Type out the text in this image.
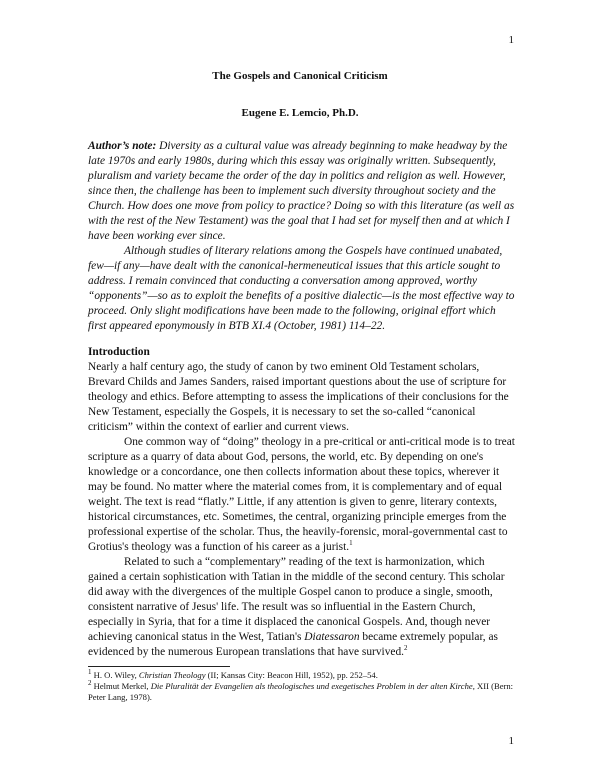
1
The Gospels and Canonical Criticism
Eugene E. Lemcio, Ph.D.

Author’s note: Diversity as a cultural value was already beginning to make headway by the late 1970s and early 1980s, during which this essay was originally written. Subsequently, pluralism and variety became the order of the day in politics and religion as well. However, since then, the challenge has been to implement such diversity throughout society and the Church. How does one move from policy to practice? Doing so with this literature (as well as with the rest of the New Testament) was the goal that I had set for myself then and at which I have been working ever since.

Although studies of literary relations among the Gospels have continued unabated, few—if any—have dealt with the canonical-hermeneutical issues that this article sought to address. I remain convinced that conducting a conversation among approved, worthy “opponents”—so as to exploit the benefits of a positive dialectic—is the most effective way to proceed. Only slight modifications have been made to the following, original effort which first appeared eponymously in BTB XI.4 (October, 1981) 114–22.

Introduction

Nearly a half century ago, the study of canon by two eminent Old Testament scholars, Brevard Childs and James Sanders, raised important questions about the use of scripture for theology and ethics. Before attempting to assess the implications of their conclusions for the New Testament, especially the Gospels, it is necessary to set the so-called “canonical criticism” within the context of earlier and current views.

One common way of “doing” theology in a pre-critical or anti-critical mode is to treat scripture as a quarry of data about God, persons, the world, etc. By depending on one's knowledge or a concordance, one then collects information about these topics, wherever it may be found. No matter where the material comes from, it is complementary and of equal weight. The text is read “flatly.” Little, if any attention is given to genre, literary contexts, historical circumstances, etc. Sometimes, the central, organizing principle emerges from the professional expertise of the scholar. Thus, the heavily-forensic, moral-governmental cast to Grotius's theology was a function of his career as a jurist.$^1$

Related to such a “complementary” reading of the text is harmonization, which gained a certain sophistication with Tatian in the middle of the second century. This scholar did away with the divergences of the multiple Gospel canon to produce a single, smooth, consistent narrative of Jesus' life. The result was so influential in the Eastern Church, especially in Syria, that for a time it displaced the canonical Gospels. And, though never achieving canonical status in the West, Tatian's Diatessaron became extremely popular, as evidenced by the numerous European translations that have survived.$^2$

$^1$ H. O. Wiley, Christian Theology (II; Kansas City: Beacon Hill, 1952), pp. 252–54.

$^2$ Helmut Merkel, Die Pluralität der Evangelien als theologisches und exegetisches Problem in der alten Kirche, XII (Bern: Peter Lang, 1978).

1
